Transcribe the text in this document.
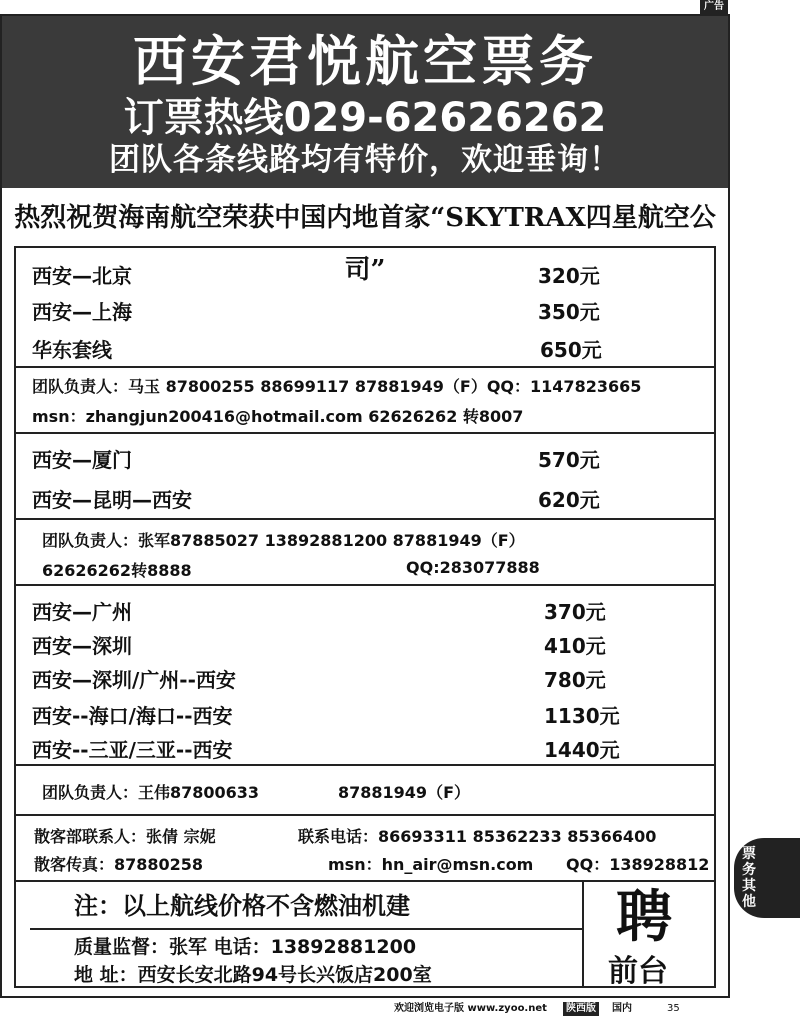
广告
西安君悦航空票务
订票热线029-62626262
团队各条线路均有特价，欢迎垂询！
热烈祝贺海南航空荣获中国内地首家“SKYTRAX四星航空公司”
西安—北京	320元
西安—上海	350元
华东套线	650元
团队负责人：马玉 87800255 88699117 87881949（F）QQ：1147823665
msn：zhangjun200416@hotmail.com 62626262 转8007
西安—厦门	570元
西安—昆明—西安	620元
团队负责人：张军87885027 13892881200 87881949（F）
62626262转8888	QQ:283077888
西安—广州	370元
西安—深圳	410元
西安—深圳/广州--西安	780元
西安--海口/海口--西安	1130元
西安--三亚/三亚--西安	1440元
团队负责人：王伟87800633	87881949（F）
散客部联系人：张倩 宗妮	联系电话：86693311 85362233 85366400
散客传真：87880258	msn：hn_air@msn.com QQ：138928812
注：以上航线价格不含燃油机建
质量监督：张军 电话：13892881200
地 址：西安长安北路94号长兴饭店200室
聘
前台
票务
其他
欢迎浏览电子版 www.zyoo.net	陕西版	国内	35
